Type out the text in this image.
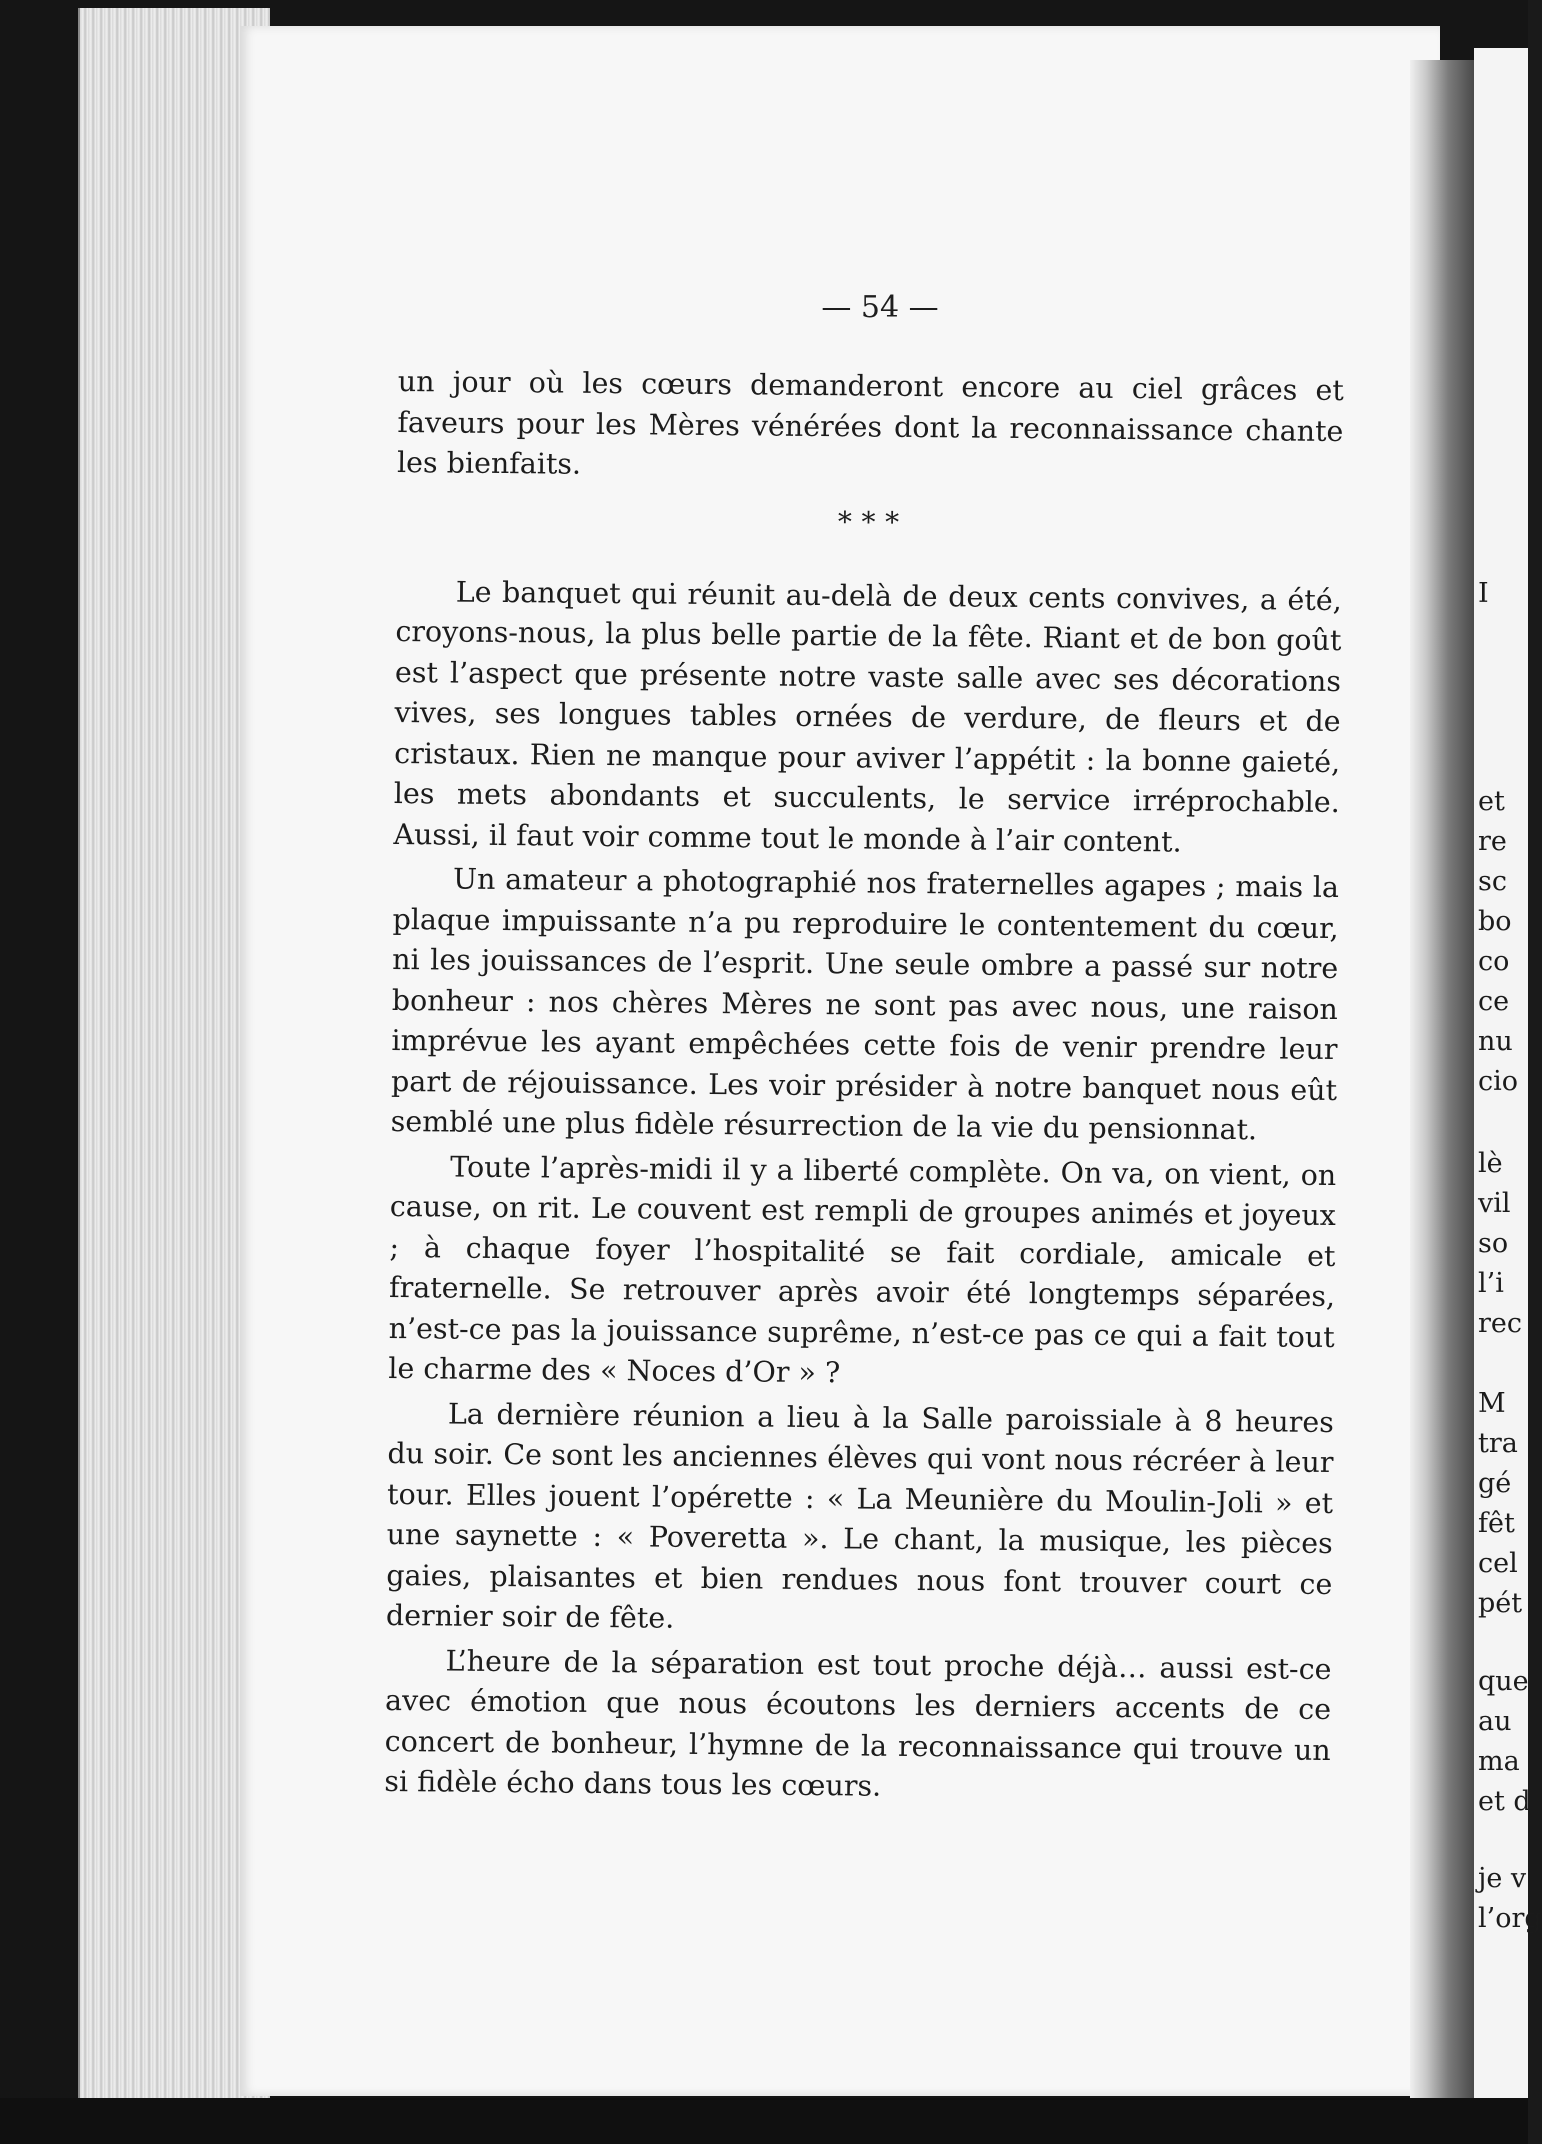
— 54 —

un jour où les cœurs demanderont encore au ciel grâces et faveurs pour les Mères vénérées dont la reconnaissance chante les bienfaits.

* * *

Le banquet qui réunit au-delà de deux cents convives, a été, croyons-nous, la plus belle partie de la fête. Riant et de bon goût est l’aspect que présente notre vaste salle avec ses décorations vives, ses longues tables ornées de verdure, de fleurs et de cristaux. Rien ne manque pour aviver l’appétit : la bonne gaieté, les mets abondants et succulents, le service irréprochable. Aussi, il faut voir comme tout le monde à l’air content.

Un amateur a photographié nos fraternelles agapes ; mais la plaque impuissante n’a pu reproduire le contentement du cœur, ni les jouissances de l’esprit. Une seule ombre a passé sur notre bonheur : nos chères Mères ne sont pas avec nous, une raison imprévue les ayant empêchées cette fois de venir prendre leur part de réjouissance. Les voir présider à notre banquet nous eût semblé une plus fidèle résurrection de la vie du pensionnat.

Toute l’après-midi il y a liberté complète. On va, on vient, on cause, on rit. Le couvent est rempli de groupes animés et joyeux ; à chaque foyer l’hospitalité se fait cordiale, amicale et fraternelle. Se retrouver après avoir été longtemps séparées, n’est-ce pas la jouissance suprême, n’est-ce pas ce qui a fait tout le charme des « Noces d’Or » ?

La dernière réunion a lieu à la Salle paroissiale à 8 heures du soir. Ce sont les anciennes élèves qui vont nous récréer à leur tour. Elles jouent l’opérette : « La Meunière du Moulin-Joli » et une saynette : « Poveretta ». Le chant, la musique, les pièces gaies, plaisantes et bien rendues nous font trouver court ce dernier soir de fête.

L’heure de la séparation est tout proche déjà… aussi est-ce avec émotion que nous écoutons les derniers accents de ce concert de bonheur, l’hymne de la reconnaissance qui trouve un si fidèle écho dans tous les cœurs.

I
et
re
sc
bo
co
ce
nu
cio
lè
vil
so
l’i
rec
M
tra
gé
fêt
cel
pét
que
au
ma
et d
je v
l’org
